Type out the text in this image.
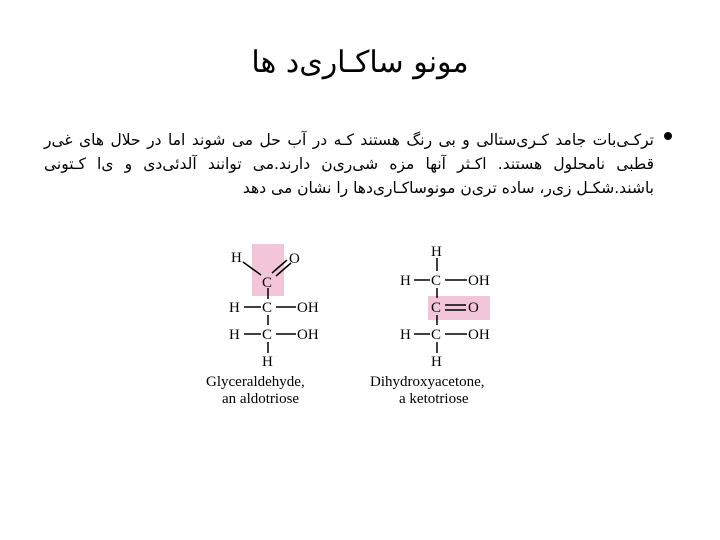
مونو ساکـاری‌د ها
ترکـی‌بات جامد کـری‌ستالی و بی رنگ هستند کـه در آب حل می شوند اما در حلال های غی‌ر قطبی نامحلول هستند. اکـثر آنها مزه شی‌ری‌ن دارند.می توانند آلدئی‌دی و ی‌ا کـتونی باشند.شکـل زی‌ر، ساده تری‌ن مونوساکـاری‌دها را نشان می دهد
H	O
C
H C OH
H C OH
H
Glyceraldehyde,
an aldotriose
H
H C OH
C O
H C OH
H
Dihydroxyacetone,
a ketotriose
